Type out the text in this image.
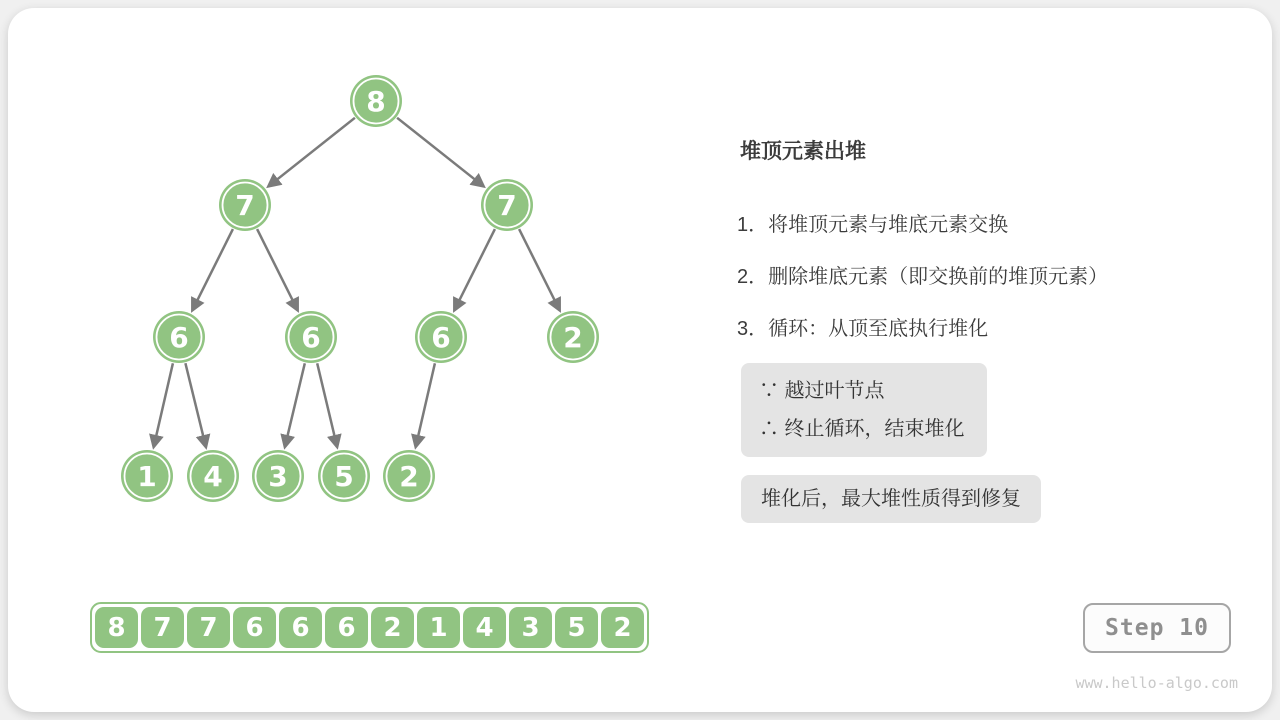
8
7	7
6	6	6	2
1 4 3 5 2
堆顶元素出堆
1．将堆顶元素与堆底元素交换
2．删除堆底元素（即交换前的堆顶元素）
3．循环：从顶至底执行堆化
∵ 越过叶节点
∴ 终止循环，结束堆化
堆化后，最大堆性质得到修复
8 7 7 6 6 6 2 1 4 3 5 2	Step 10
www.hello-algo.com
